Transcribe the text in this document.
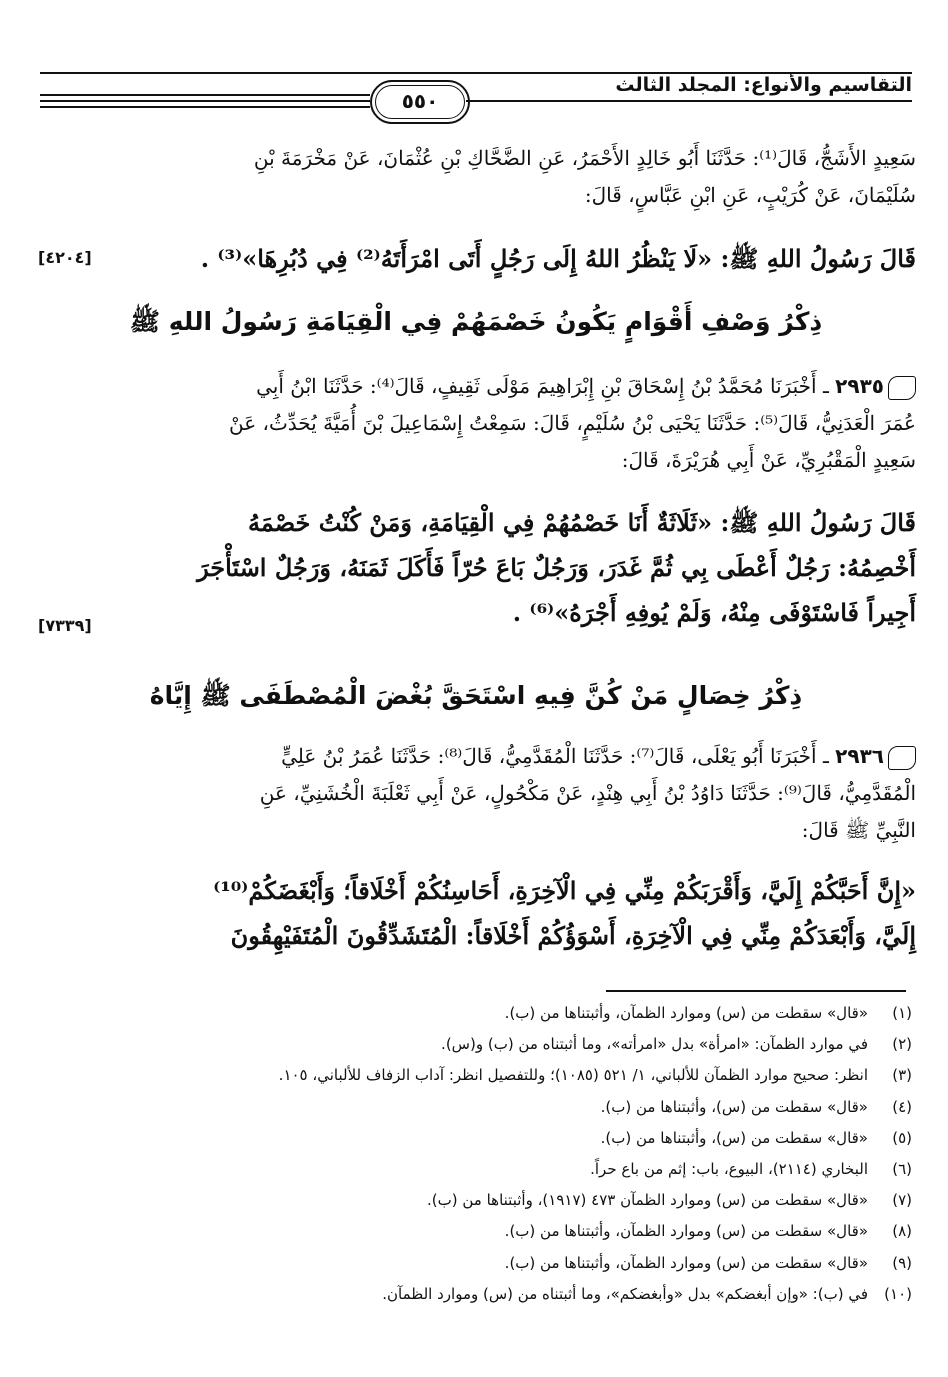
التقاسيم والأنواع: المجلد الثالث
٥٥٠
سَعِيدٍ الأَشَجُّ، قَالَ⁽¹⁾: حَدَّثَنَا أَبُو خَالِدٍ الأَحْمَرُ، عَنِ الضَّحَّاكِ بْنِ عُثْمَانَ، عَنْ مَخْرَمَةَ بْنِ
سُلَيْمَانَ، عَنْ كُرَيْبٍ، عَنِ ابْنِ عَبَّاسٍ، قَالَ:
قَالَ رَسُولُ اللهِ ﷺ: «لَا يَنْظُرُ اللهُ إِلَى رَجُلٍ أَتَى امْرَأَتَهُ⁽²⁾ فِي دُبُرِهَا»⁽³⁾ .
[٤٢٠٤]
ذِكْرُ وَصْفِ أَقْوَامٍ يَكُونُ خَصْمَهُمْ فِي الْقِيَامَةِ رَسُولُ اللهِ ﷺ
٢٩٣٥ ـ أَخْبَرَنَا مُحَمَّدُ بْنُ إِسْحَاقَ بْنِ إِبْرَاهِيمَ مَوْلَى ثَقِيفٍ، قَالَ⁽⁴⁾: حَدَّثَنَا ابْنُ أَبِي
عُمَرَ الْعَدَنِيُّ، قَالَ⁽⁵⁾: حَدَّثَنَا يَحْيَى بْنُ سُلَيْمٍ، قَالَ: سَمِعْتُ إِسْمَاعِيلَ بْنَ أُمَيَّةَ يُحَدِّثُ، عَنْ
سَعِيدٍ الْمَقْبُرِيِّ، عَنْ أَبِي هُرَيْرَةَ، قَالَ:
قَالَ رَسُولُ اللهِ ﷺ: «ثَلَاثَةٌ أَنَا خَصْمُهُمْ فِي الْقِيَامَةِ، وَمَنْ كُنْتُ خَصْمَهُ
أَخْصِمُهُ: رَجُلٌ أَعْطَى بِي ثُمَّ غَدَرَ، وَرَجُلٌ بَاعَ حُرّاً فَأَكَلَ ثَمَنَهُ، وَرَجُلٌ اسْتَأْجَرَ
أَجِيراً فَاسْتَوْفَى مِنْهُ، وَلَمْ يُوفِهِ أَجْرَهُ»⁽⁶⁾ .
[٧٣٣٩]
ذِكْرُ خِصَالٍ مَنْ كُنَّ فِيهِ اسْتَحَقَّ بُغْضَ الْمُصْطَفَى ﷺ إِيَّاهُ
٢٩٣٦ ـ أَخْبَرَنَا أَبُو يَعْلَى، قَالَ⁽⁷⁾: حَدَّثَنَا الْمُقَدَّمِيُّ، قَالَ⁽⁸⁾: حَدَّثَنَا عُمَرُ بْنُ عَلِيٍّ
الْمُقَدَّمِيُّ، قَالَ⁽⁹⁾: حَدَّثَنَا دَاوُدُ بْنُ أَبِي هِنْدٍ، عَنْ مَكْحُولٍ، عَنْ أَبِي ثَعْلَبَةَ الْخُشَنِيِّ، عَنِ
النَّبِيِّ ﷺ قَالَ:
«إِنَّ أَحَبَّكُمْ إِلَيَّ، وَأَقْرَبَكُمْ مِنِّي فِي الْآخِرَةِ، أَحَاسِنُكُمْ أَخْلَاقاً؛ وَأَبْغَضَكُمْ⁽¹⁰⁾
إِلَيَّ، وَأَبْعَدَكُمْ مِنِّي فِي الْآخِرَةِ، أَسْوَؤُكُمْ أَخْلَاقاً: الْمُتَشَدِّقُونَ الْمُتَفَيْهِقُونَ
(١)«قال» سقطت من (س) وموارد الظمآن، وأثبتناها من (ب).
(٢)في موارد الظمآن: «امرأة» بدل «امرأته»، وما أثبتناه من (ب) و(س).
(٣)انظر: صحيح موارد الظمآن للألباني، ١/ ٥٢١ (١٠٨٥)؛ وللتفصيل انظر: آداب الزفاف للألباني، ١٠٥.
(٤)«قال» سقطت من (س)، وأثبتناها من (ب).
(٥)«قال» سقطت من (س)، وأثبتناها من (ب).
(٦)البخاري (٢١١٤)، البيوع، باب: إثم من باع حراً.
(٧)«قال» سقطت من (س) وموارد الظمآن ٤٧٣ (١٩١٧)، وأثبتناها من (ب).
(٨)«قال» سقطت من (س) وموارد الظمآن، وأثبتناها من (ب).
(٩)«قال» سقطت من (س) وموارد الظمآن، وأثبتناها من (ب).
(١٠)في (ب): «وإن أبغضكم» بدل «وأبغضكم»، وما أثبتناه من (س) وموارد الظمآن.
